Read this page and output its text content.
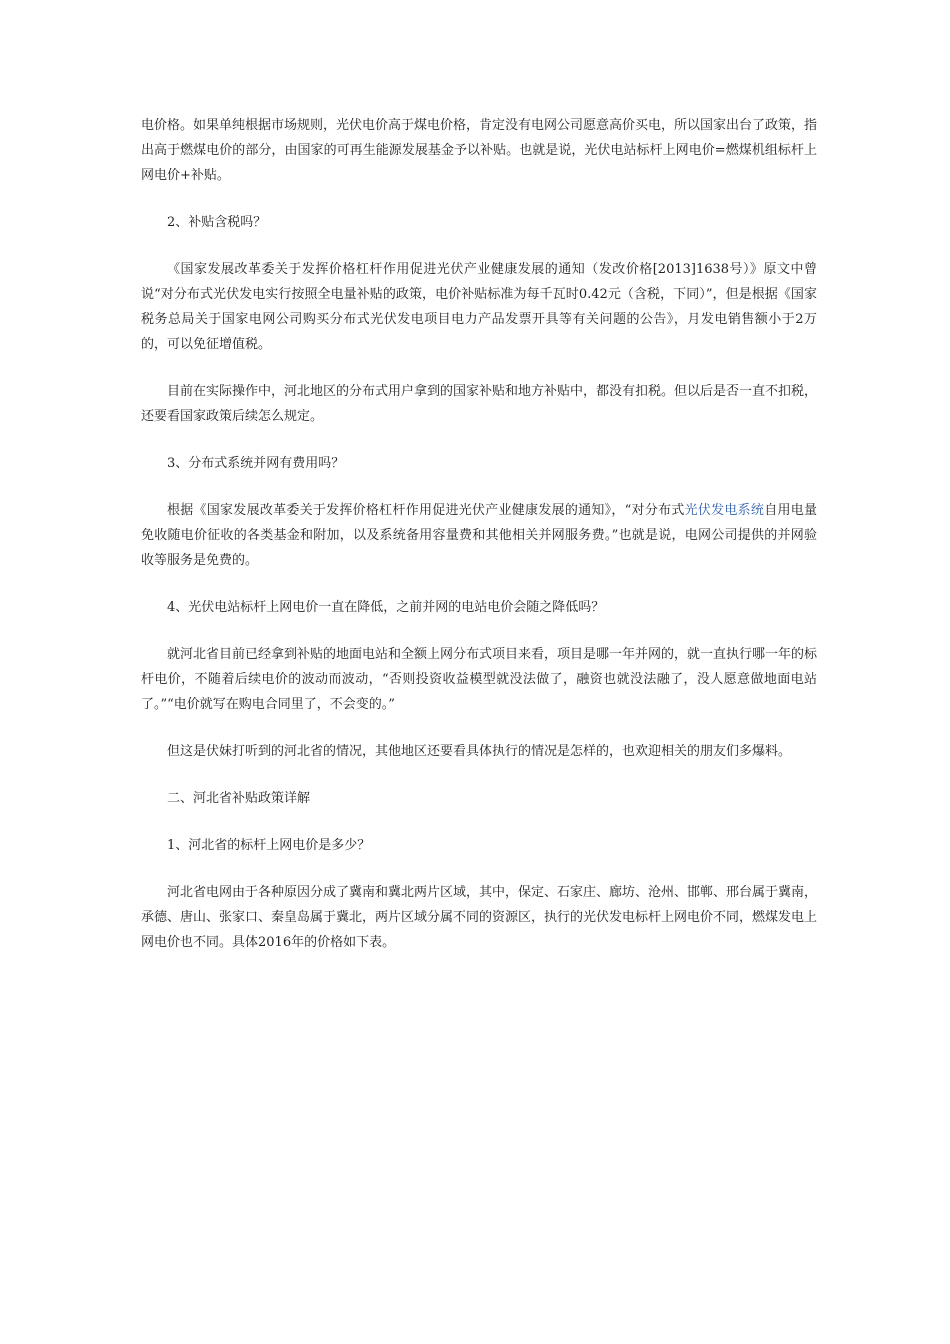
电价格。如果单纯根据市场规则，光伏电价高于煤电价格，肯定没有电网公司愿意高价买电，所以国家出台了政策，指出高于燃煤电价的部分，由国家的可再生能源发展基金予以补贴。也就是说，光伏电站标杆上网电价=燃煤机组标杆上网电价+补贴。

2、补贴含税吗？

《国家发展改革委关于发挥价格杠杆作用促进光伏产业健康发展的通知（发改价格[2013]1638号）》原文中曾说“对分布式光伏发电实行按照全电量补贴的政策，电价补贴标准为每千瓦时0.42元（含税，下同）”，但是根据《国家税务总局关于国家电网公司购买分布式光伏发电项目电力产品发票开具等有关问题的公告》，月发电销售额小于2万的，可以免征增值税。

目前在实际操作中，河北地区的分布式用户拿到的国家补贴和地方补贴中，都没有扣税。但以后是否一直不扣税，还要看国家政策后续怎么规定。

3、分布式系统并网有费用吗？

根据《国家发展改革委关于发挥价格杠杆作用促进光伏产业健康发展的通知》，“对分布式光伏发电系统自用电量免收随电价征收的各类基金和附加，以及系统备用容量费和其他相关并网服务费。”也就是说，电网公司提供的并网验收等服务是免费的。

4、光伏电站标杆上网电价一直在降低，之前并网的电站电价会随之降低吗？

就河北省目前已经拿到补贴的地面电站和全额上网分布式项目来看，项目是哪一年并网的，就一直执行哪一年的标杆电价，不随着后续电价的波动而波动，“否则投资收益模型就没法做了，融资也就没法融了，没人愿意做地面电站了。”“电价就写在购电合同里了，不会变的。”

但这是伏妹打听到的河北省的情况，其他地区还要看具体执行的情况是怎样的，也欢迎相关的朋友们多爆料。

二、河北省补贴政策详解

1、河北省的标杆上网电价是多少？

河北省电网由于各种原因分成了冀南和冀北两片区域，其中，保定、石家庄、廊坊、沧州、邯郸、邢台属于冀南，承德、唐山、张家口、秦皇岛属于冀北，两片区域分属不同的资源区，执行的光伏发电标杆上网电价不同，燃煤发电上网电价也不同。具体2016年的价格如下表。
